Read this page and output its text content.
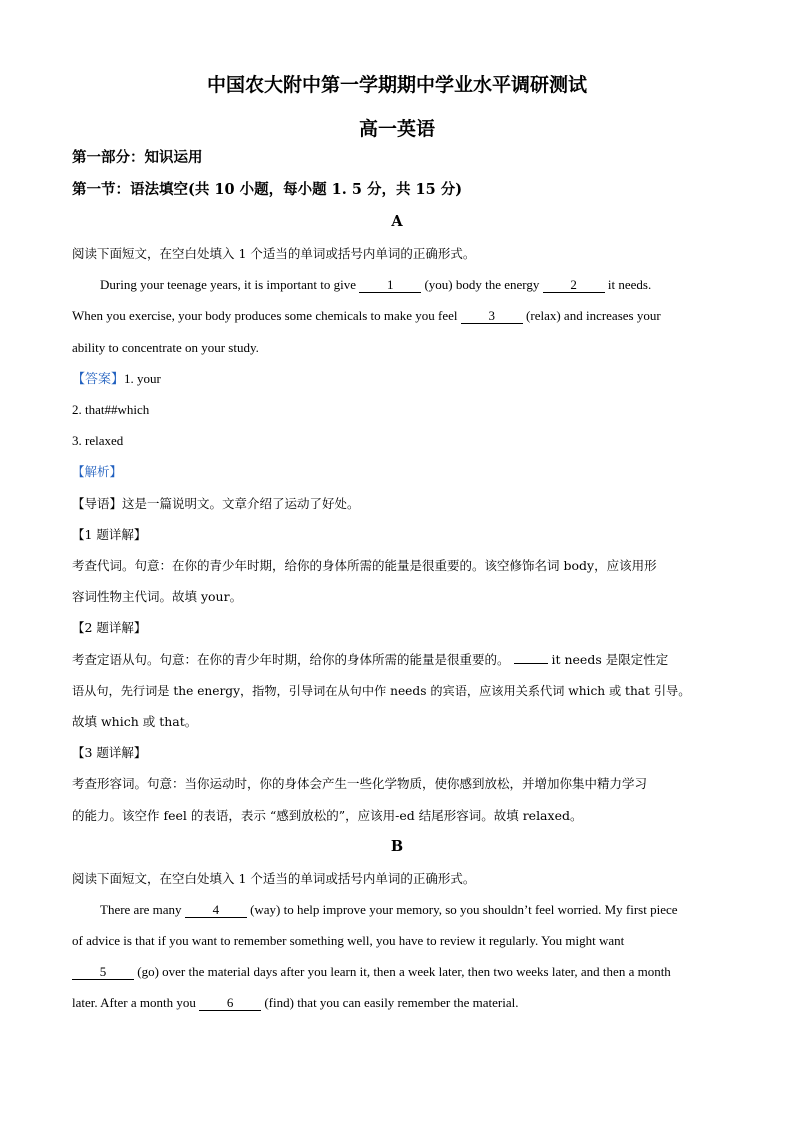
中国农大附中第一学期期中学业水平调研测试
高一英语
第一部分：知识运用
第一节：语法填空(共 10 小题，每小题 1. 5 分，共 15 分)
A
阅读下面短文，在空白处填入 1 个适当的单词或括号内单词的正确形式。
During your teenage years, it is important to give 1 (you) body the energy 2 it needs.
When you exercise, your body produces some chemicals to make you feel 3 (relax) and increases your
ability to concentrate on your study.
【答案】1. your
2. that##which
3. relaxed
【解析】
【导语】这是一篇说明文。文章介绍了运动了好处。
【1 题详解】
考查代词。句意：在你的青少年时期，给你的身体所需的能量是很重要的。该空修饰名词 body，应该用形
容词性物主代词。故填 your。
【2 题详解】
考查定语从句。句意：在你的青少年时期，给你的身体所需的能量是很重要的。	it needs 是限定性定
语从句，先行词是 the energy，指物，引导词在从句中作 needs 的宾语，应该用关系代词 which 或 that 引导。
故填 which 或 that。
【3 题详解】
考查形容词。句意：当你运动时，你的身体会产生一些化学物质，使你感到放松，并增加你集中精力学习
的能力。该空作 feel 的表语，表示 “感到放松的”，应该用-ed 结尾形容词。故填 relaxed。
B
阅读下面短文，在空白处填入 1 个适当的单词或括号内单词的正确形式。
There are many 4 (way) to help improve your memory, so you shouldn’t feel worried. My first piece
of advice is that if you want to remember something well, you have to review it regularly. You might want
5 (go) over the material days after you learn it, then a week later, then two weeks later, and then a month
later. After a month you 6 (find) that you can easily remember the material.
